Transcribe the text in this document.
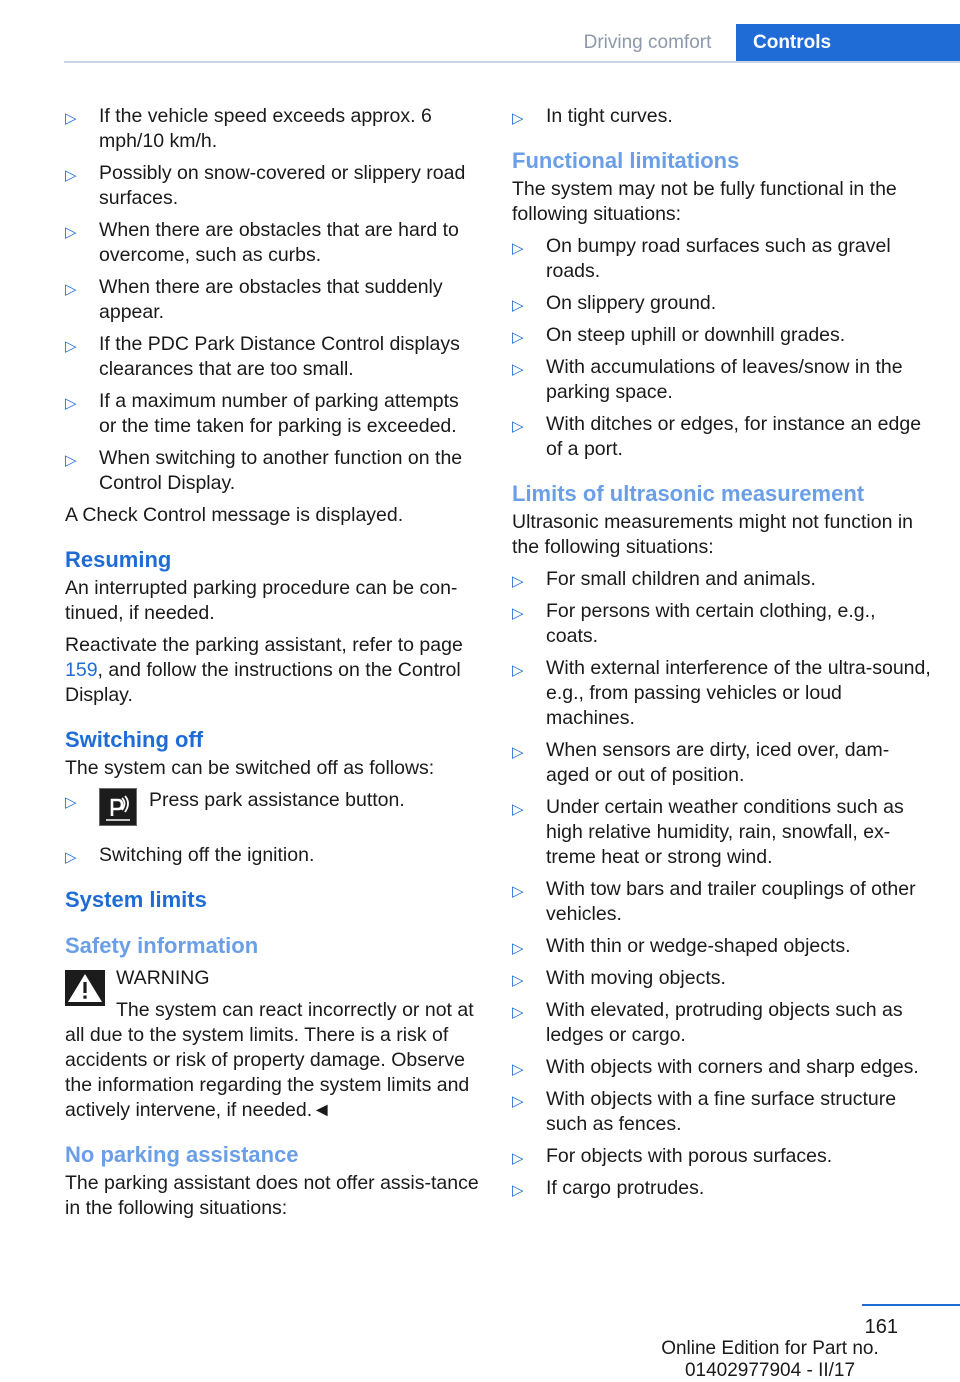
Driving comfort	Controls
▷ If the vehicle speed exceeds approx. 6 mph/10 km/h.
▷ Possibly on snow-covered or slippery road surfaces.
▷ When there are obstacles that are hard to overcome, such as curbs.
▷ When there are obstacles that suddenly appear.
▷ If the PDC Park Distance Control displays clearances that are too small.
▷ If a maximum number of parking attempts or the time taken for parking is exceeded.
▷ When switching to another function on the Control Display.

A Check Control message is displayed.

Resuming

An interrupted parking procedure can be con‐tinued, if needed.

Reactivate the parking assistant, refer to page 159, and follow the instructions on the Control Display.

Switching off

The system can be switched off as follows:

▷	Press park assistance button.
▷ Switching off the ignition.
System limits
Safety information
WARNING

The system can react incorrectly or not at all due to the system limits. There is a risk of accidents or risk of property damage. Observe the information regarding the system limits and actively intervene, if needed.◄

No parking assistance

The parking assistant does not offer assis‐tance in the following situations:

▷ In tight curves.
Functional limitations

The system may not be fully functional in the following situations:

▷ On bumpy road surfaces such as gravel roads.
▷ On slippery ground.
▷ On steep uphill or downhill grades.
▷ With accumulations of leaves/snow in the parking space.
▷ With ditches or edges, for instance an edge of a port.
Limits of ultrasonic measurement

Ultrasonic measurements might not function in the following situations:

▷ For small children and animals.
▷ For persons with certain clothing, e.g., coats.
▷ With external interference of the ultra‐sound, e.g., from passing vehicles or loud machines.
▷ When sensors are dirty, iced over, dam‐aged or out of position.
▷ Under certain weather conditions such as high relative humidity, rain, snowfall, ex‐treme heat or strong wind.
▷ With tow bars and trailer couplings of other vehicles.
▷ With thin or wedge-shaped objects.
▷ With moving objects.
▷ With elevated, protruding objects such as ledges or cargo.
▷ With objects with corners and sharp edges.
▷ With objects with a fine surface structure such as fences.
▷ For objects with porous surfaces.
▷ If cargo protrudes.
161
Online Edition for Part no. 01402977904 - II/17
